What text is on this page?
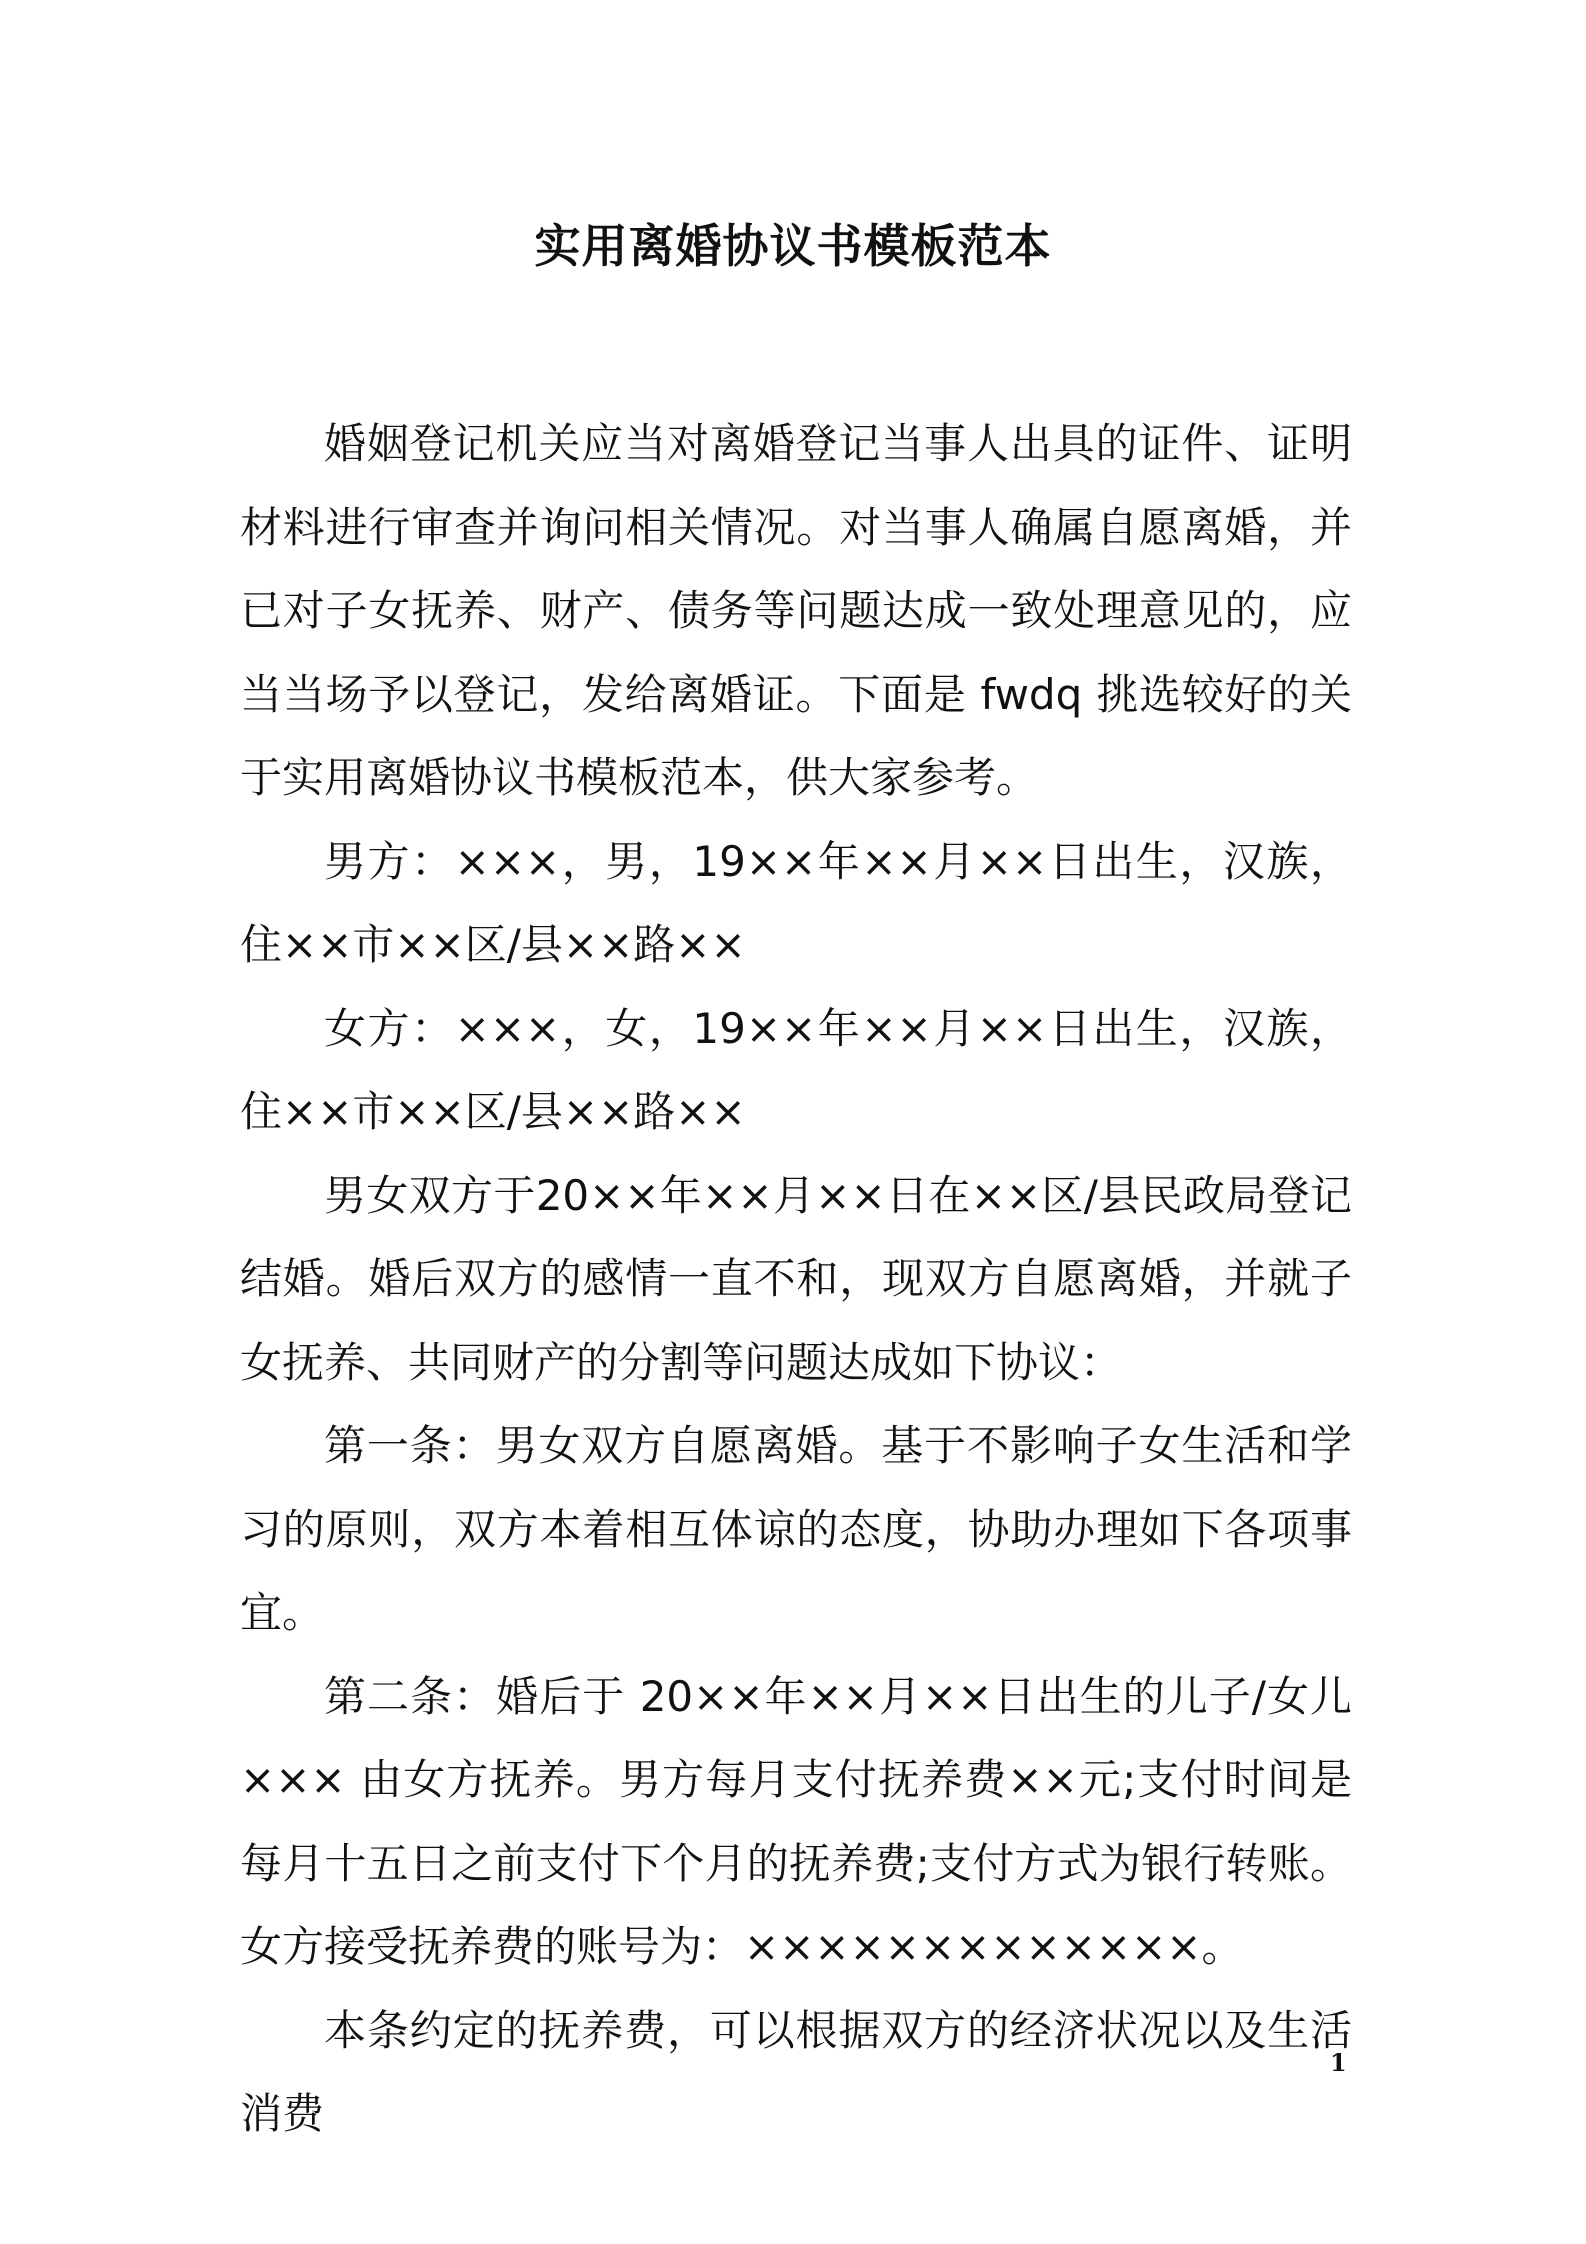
实用离婚协议书模板范本

婚姻登记机关应当对离婚登记当事人出具的证件、证明材料进行审查并询问相关情况。对当事人确属自愿离婚，并已对子女抚养、财产、债务等问题达成一致处理意见的，应当当场予以登记，发给离婚证。下面是 fwdq 挑选较好的关于实用离婚协议书模板范本，供大家参考。

男方：×××，男，19××年××月××日出生，汉族，住××市××区/县××路××

女方：×××，女，19××年××月××日出生，汉族，住××市××区/县××路××

男女双方于20××年××月××日在××区/县民政局登记结婚。婚后双方的感情一直不和，现双方自愿离婚，并就子女抚养、共同财产的分割等问题达成如下协议：

第一条：男女双方自愿离婚。基于不影响子女生活和学习的原则，双方本着相互体谅的态度，协助办理如下各项事宜。

第二条：婚后于 20××年××月××日出生的儿子/女儿××× 由女方抚养。男方每月支付抚养费××元;支付时间是每月十五日之前支付下个月的抚养费;支付方式为银行转账。女方接受抚养费的账号为：×××××××××××××。

本条约定的抚养费，可以根据双方的经济状况以及生活消费

1
